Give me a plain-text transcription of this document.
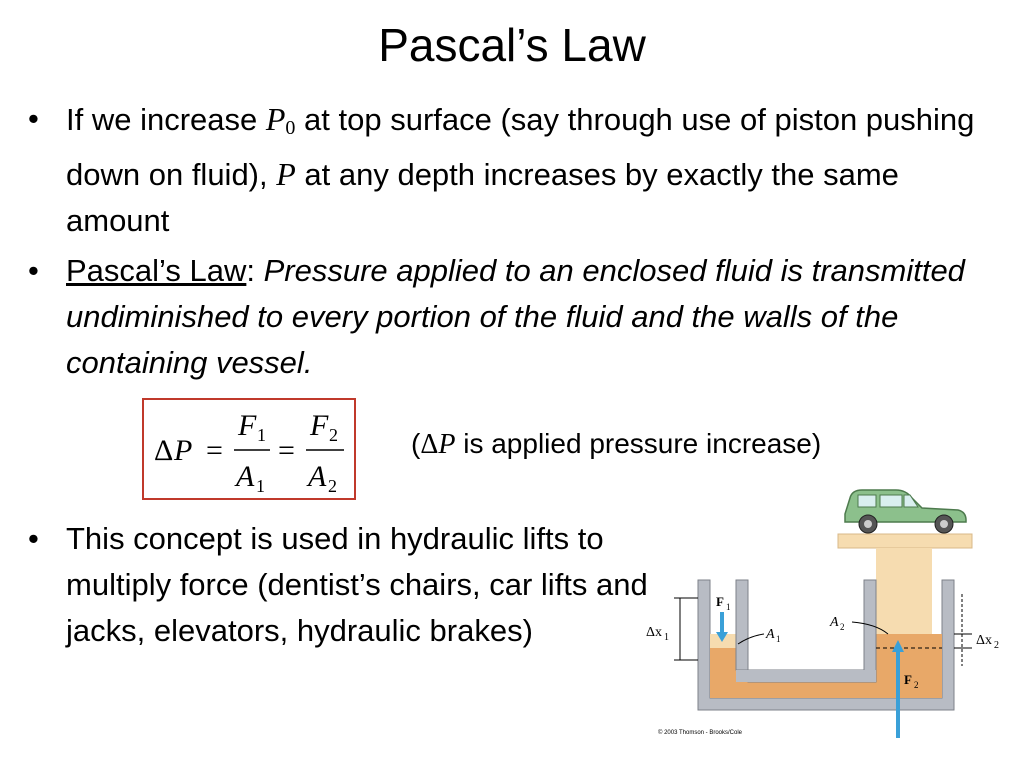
Pascal’s Law
• If we increase $P_0$ at top surface (say through use of piston pushing down on fluid), P at any depth increases by exactly the same amount
• Pascal’s Law: Pressure applied to an enclosed fluid is transmitted undiminished to every portion of the fluid and the walls of the containing vessel.
Δ P =
F 1
A 1
=
F 2
A 2
(ΔP is applied pressure increase)
• This concept is used in hydraulic lifts to multiply force (dentist’s chairs, car lifts and jacks, elevators, hydraulic brakes)	Δx 1	Δx 2
F 1
A 1
A 2
F 2
© 2003 Thomson - Brooks/Cole
